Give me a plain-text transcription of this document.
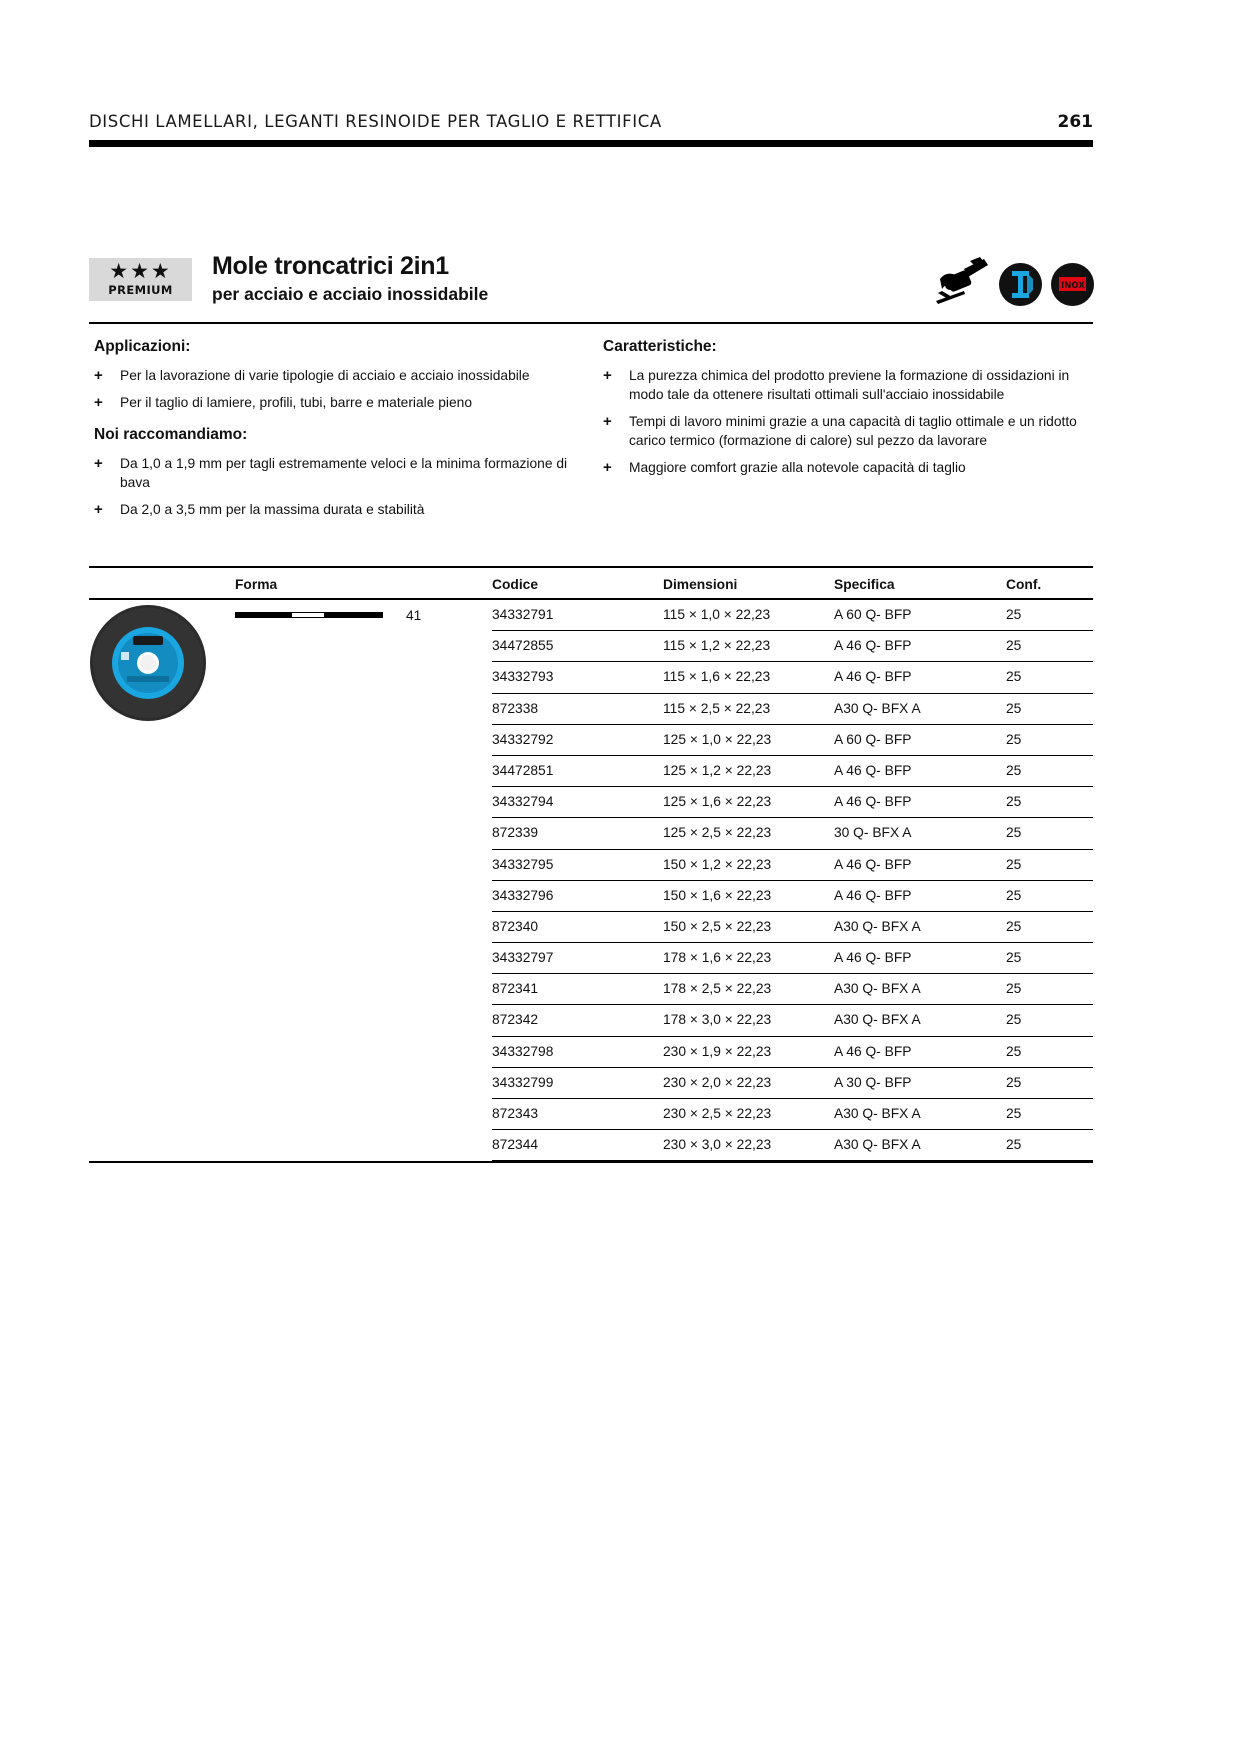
DISCHI LAMELLARI, LEGANTI RESINOIDE PER TAGLIO E RETTIFICA	261
★★★
PREMIUM
Mole troncatrici 2in1
per acciaio e acciaio inossidabile	INOX
Applicazioni:
+ Per la lavorazione di varie tipologie di acciaio e acciaio inossidabile
+ Per il taglio di lamiere, profili, tubi, barre e materiale pieno
Noi raccomandiamo:
+ Da 1,0 a 1,9 mm per tagli estremamente veloci e la minima formazione di bava
+ Da 2,0 a 3,5 mm per la massima durata e stabilità
Caratteristiche:
+ La purezza chimica del prodotto previene la formazione di ossidazioni in modo tale da ottenere risultati ottimali sull'acciaio inossidabile
+ Tempi di lavoro minimi grazie a una capacità di taglio ottimale e un ridotto carico termico (formazione di calore) sul pezzo da lavorare
+ Maggiore comfort grazie alla notevole capacità di taglio
Forma	Codice	Dimensioni	Specifica	Conf.
41	34332791	115 × 1,0 × 22,23	A 60 Q- BFP	25
34472855	115 × 1,2 × 22,23	A 46 Q- BFP	25
34332793	115 × 1,6 × 22,23	A 46 Q- BFP	25
872338	115 × 2,5 × 22,23	A30 Q- BFX A	25
34332792	125 × 1,0 × 22,23	A 60 Q- BFP	25
34472851	125 × 1,2 × 22,23	A 46 Q- BFP	25
34332794	125 × 1,6 × 22,23	A 46 Q- BFP	25
872339	125 × 2,5 × 22,23	30 Q- BFX A	25
34332795	150 × 1,2 × 22,23	A 46 Q- BFP	25
34332796	150 × 1,6 × 22,23	A 46 Q- BFP	25
872340	150 × 2,5 × 22,23	A30 Q- BFX A	25
34332797	178 × 1,6 × 22,23	A 46 Q- BFP	25
872341	178 × 2,5 × 22,23	A30 Q- BFX A	25
872342	178 × 3,0 × 22,23	A30 Q- BFX A	25
34332798	230 × 1,9 × 22,23	A 46 Q- BFP	25
34332799	230 × 2,0 × 22,23	A 30 Q- BFP	25
872343	230 × 2,5 × 22,23	A30 Q- BFX A	25
872344	230 × 3,0 × 22,23	A30 Q- BFX A	25
